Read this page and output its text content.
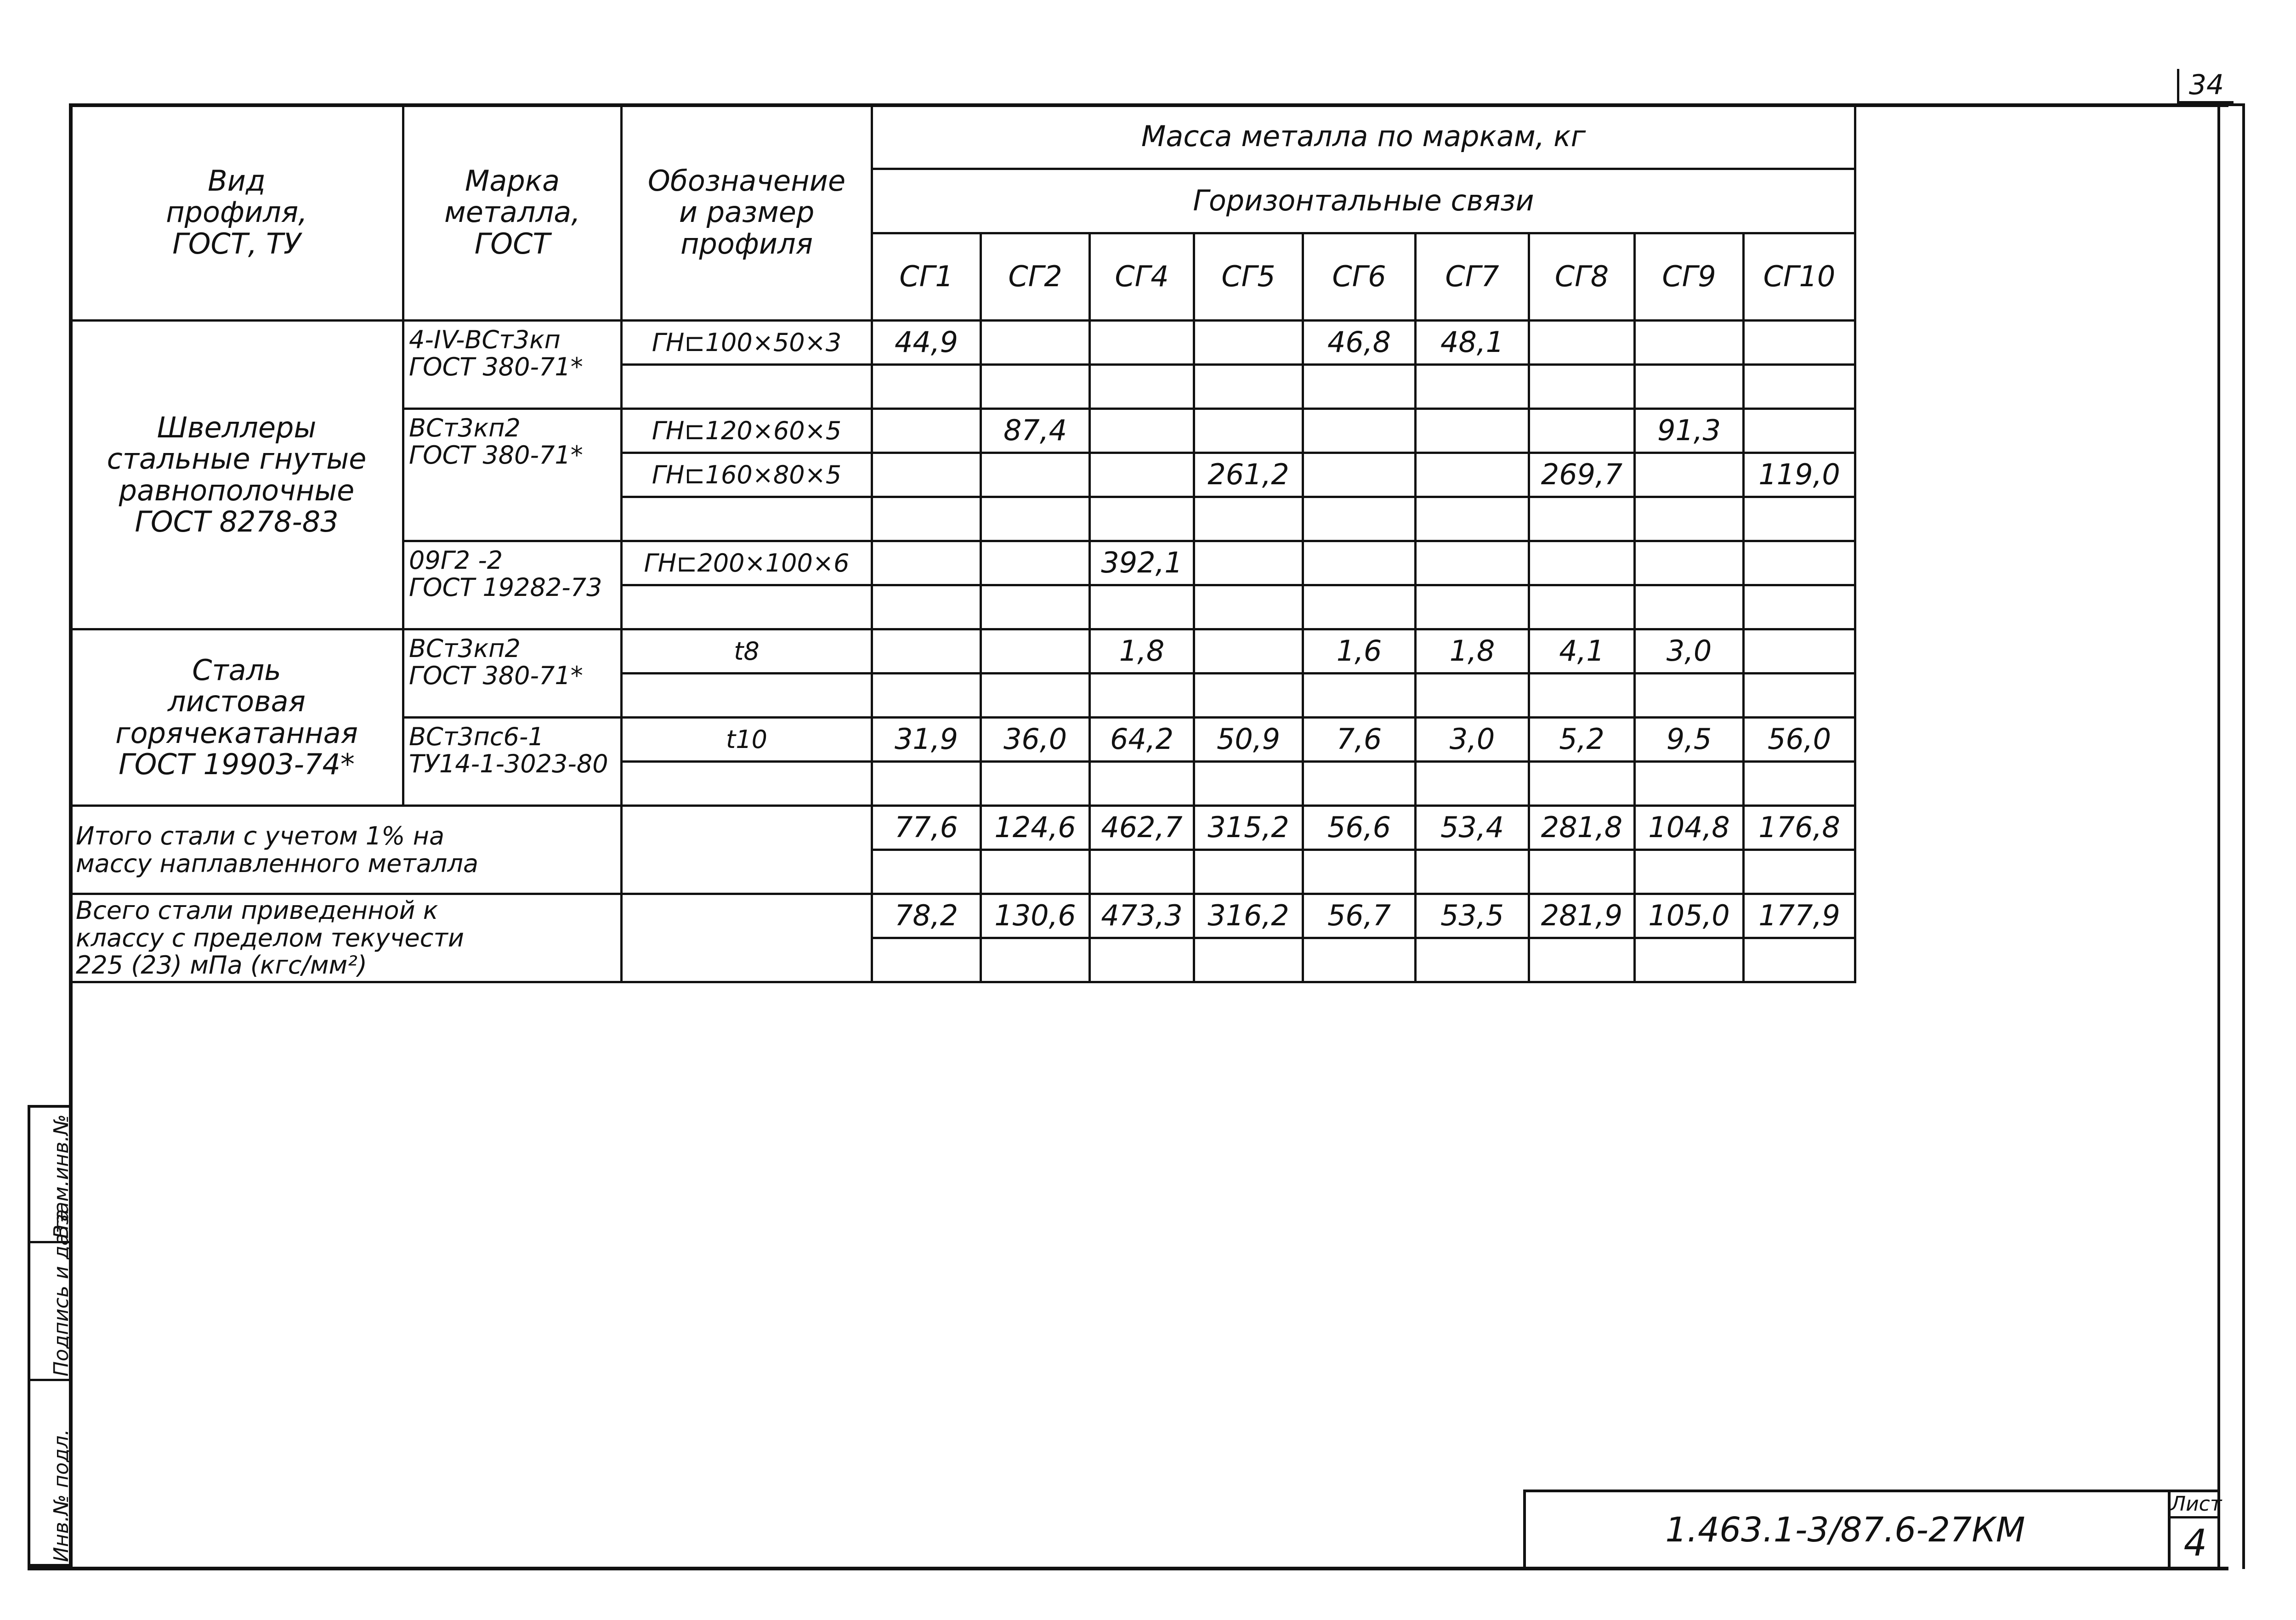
34
Вид
профиля,
ГОСТ, ТУ	Марка
металла,
ГОСТ	Обозначение
и размер
профиля	Масса металла по маркам, кг								
			Горизонтальные связи								
			СГ1	СГ2	СГ4	СГ5	СГ6	СГ7	СГ8	СГ9	СГ10

Швеллеры
стальные гнутые
равнополочные
ГОСТ 8278-83	4-IV-ВСт3кп
ГОСТ 380-71*	ГН⊏100×50×3	44,9				46,8	48,1			

	ВСт3кп2
ГОСТ 380-71*	ГН⊏120×60×5		87,4						91,3	
		ГН⊏160×80×5				261,2			269,7		119,0

	09Г2 -2
ГОСТ 19282-73	ГН⊏200×100×6			392,1						

Сталь
листовая
горячекатанная
ГОСТ 19903-74*	ВСт3кп2
ГОСТ 380-71*	t8			1,8		1,6	1,8	4,1	3,0	

	ВСт3пс6-1
ТУ14-1-3023-80	t10	31,9	36,0	64,2	50,9	7,6	3,0	5,2	9,5	56,0

Итого стали с учетом 1% на
массу наплавленного металла			77,6	124,6	462,7	315,2	56,6	53,4	281,8	104,8	176,8

Всего стали приведенной к
классу с пределом текучести
225 (23) мПа (кгс/мм²)			78,2	130,6	473,3	316,2	56,7	53,5	281,9	105,0	177,9

Взам.инв.№
Подпись и дата
Инв.№ подл.	1.463.1-3/87.6-27КМ
Лист
4
